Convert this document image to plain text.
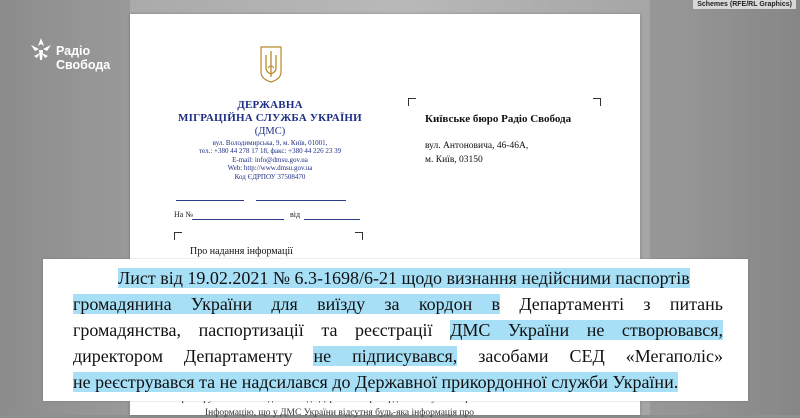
Schemes (RFE/RL Graphics)
Радіо
Свобода
ДЕРЖАВНА
МІГРАЦІЙНА СЛУЖБА УКРАЇНИ
(ДМС)
вул. Володимирська, 9, м. Київ, 01001,
тел.: +380 44 278 17 18, факс: +380 44 226 23 39
E-mail: info@dmsu.gov.ua
Web: http://www.dmsu.gov.ua
Код ЄДРПОУ 37508470
На №	від
Київське бюро Радіо Свобода
вул. Антоновича, 46-46А,
м. Київ, 03150
Про надання інформації
Інформацію, що у ДМС України відсутня будь-яка інформація про
Лист від 19.02.2021 № 6.3-1698/6-21 щодо визнання недійсними паспортів
громадянина України для виїзду за кордон в Департаменті з питань
громадянства, паспортизації та реєстрації ДМС України не створювався,
директором Департаменту не підписувався, засобами СЕД «Мегаполіс»
не реєструвався та не надсилався до Державної прикордонної служби України.
